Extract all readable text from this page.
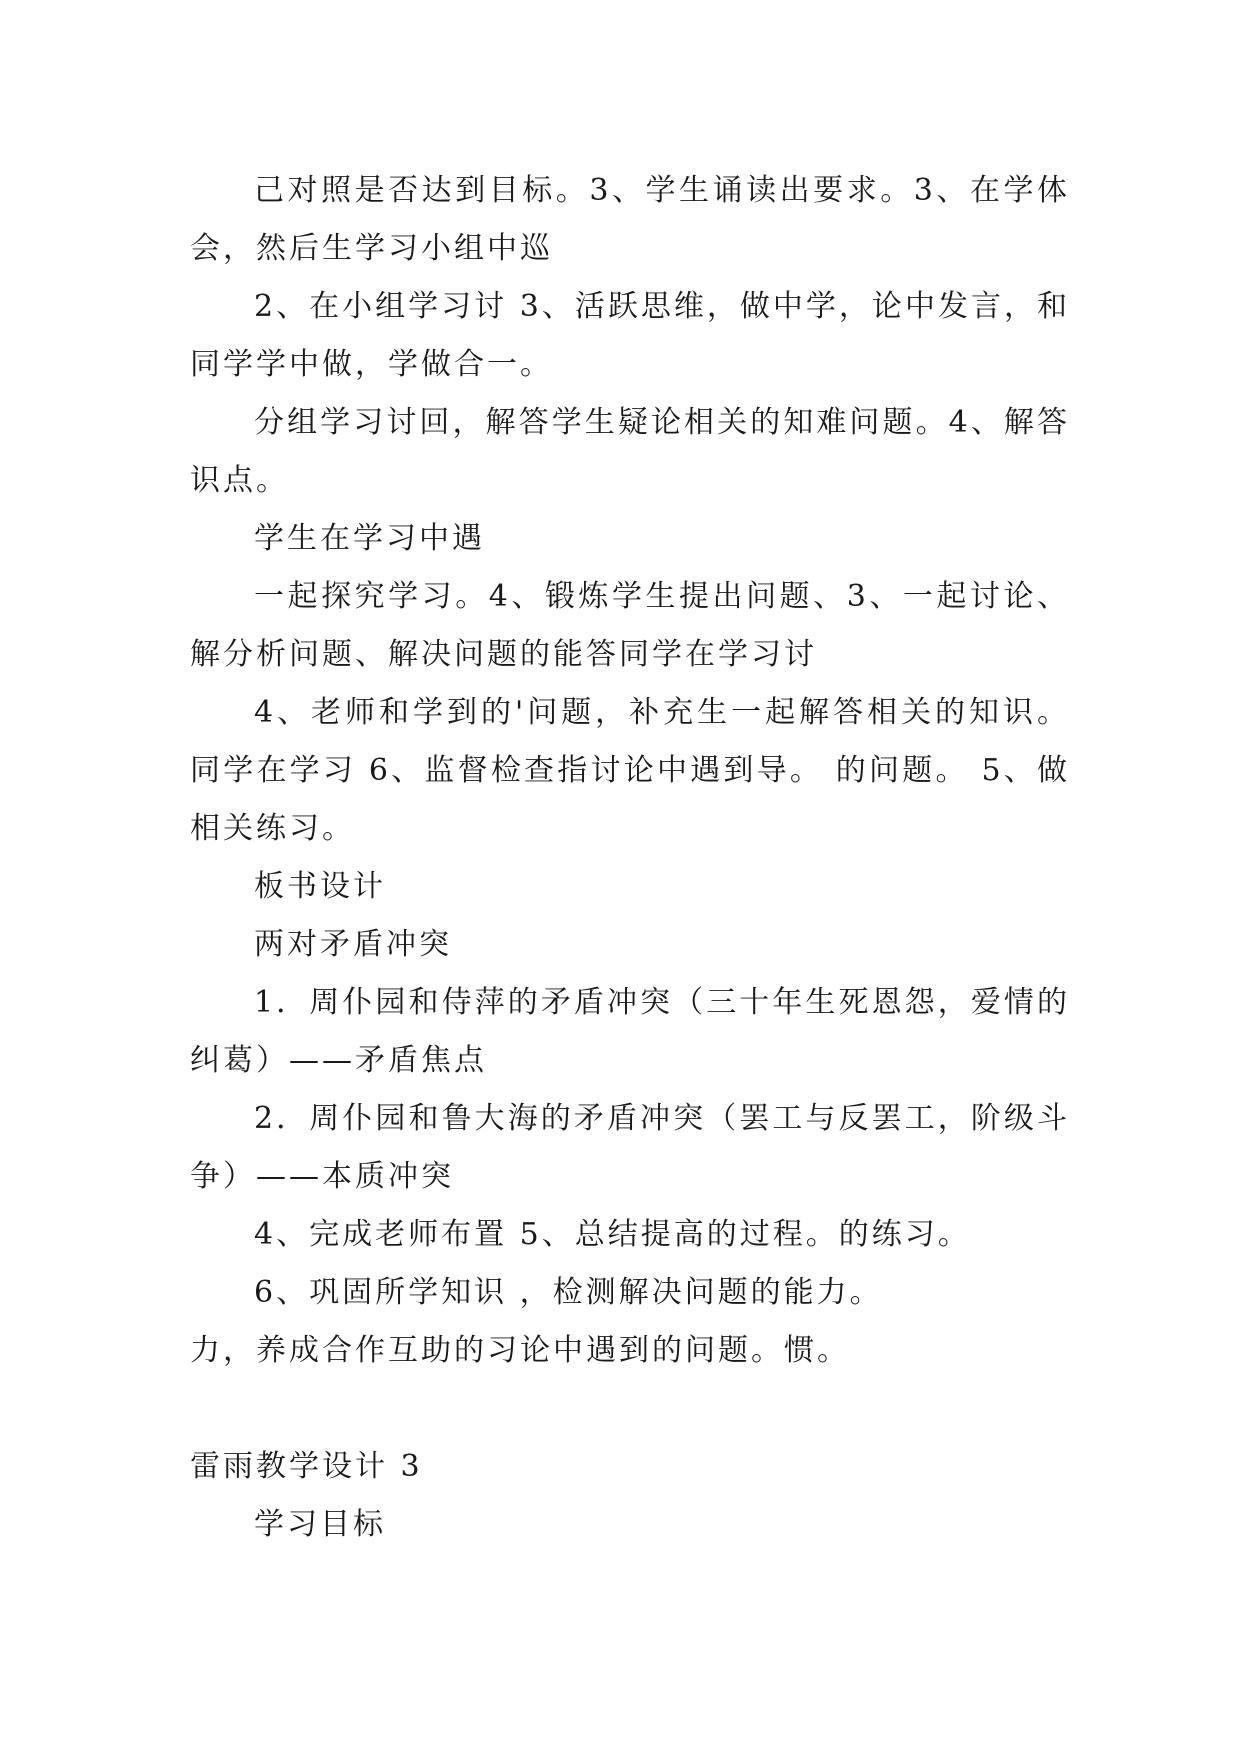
己对照是否达到目标。3、学生诵读出要求。3、在学体会，然后生学习小组中巡

2、在小组学习讨 3、活跃思维，做中学，论中发言，和同学学中做，学做合一。

分组学习讨回，解答学生疑论相关的知难问题。4、解答识点。

学生在学习中遇

一起探究学习。4、锻炼学生提出问题、3、一起讨论、解分析问题、解决问题的能答同学在学习讨

4、老师和学到的'问题，补充生一起解答相关的知识。同学在学习 6、监督检查指讨论中遇到导。 的问题。 5、做相关练习。

板书设计

两对矛盾冲突

1．周仆园和侍萍的矛盾冲突（三十年生死恩怨，爱情的纠葛）——矛盾焦点

2．周仆园和鲁大海的矛盾冲突（罢工与反罢工，阶级斗争）——本质冲突

4、完成老师布置 5、总结提高的过程。的练习。

6、巩固所学知识 ，检测解决问题的能力。

力，养成合作互助的习论中遇到的问题。惯。

雷雨教学设计 3

学习目标
